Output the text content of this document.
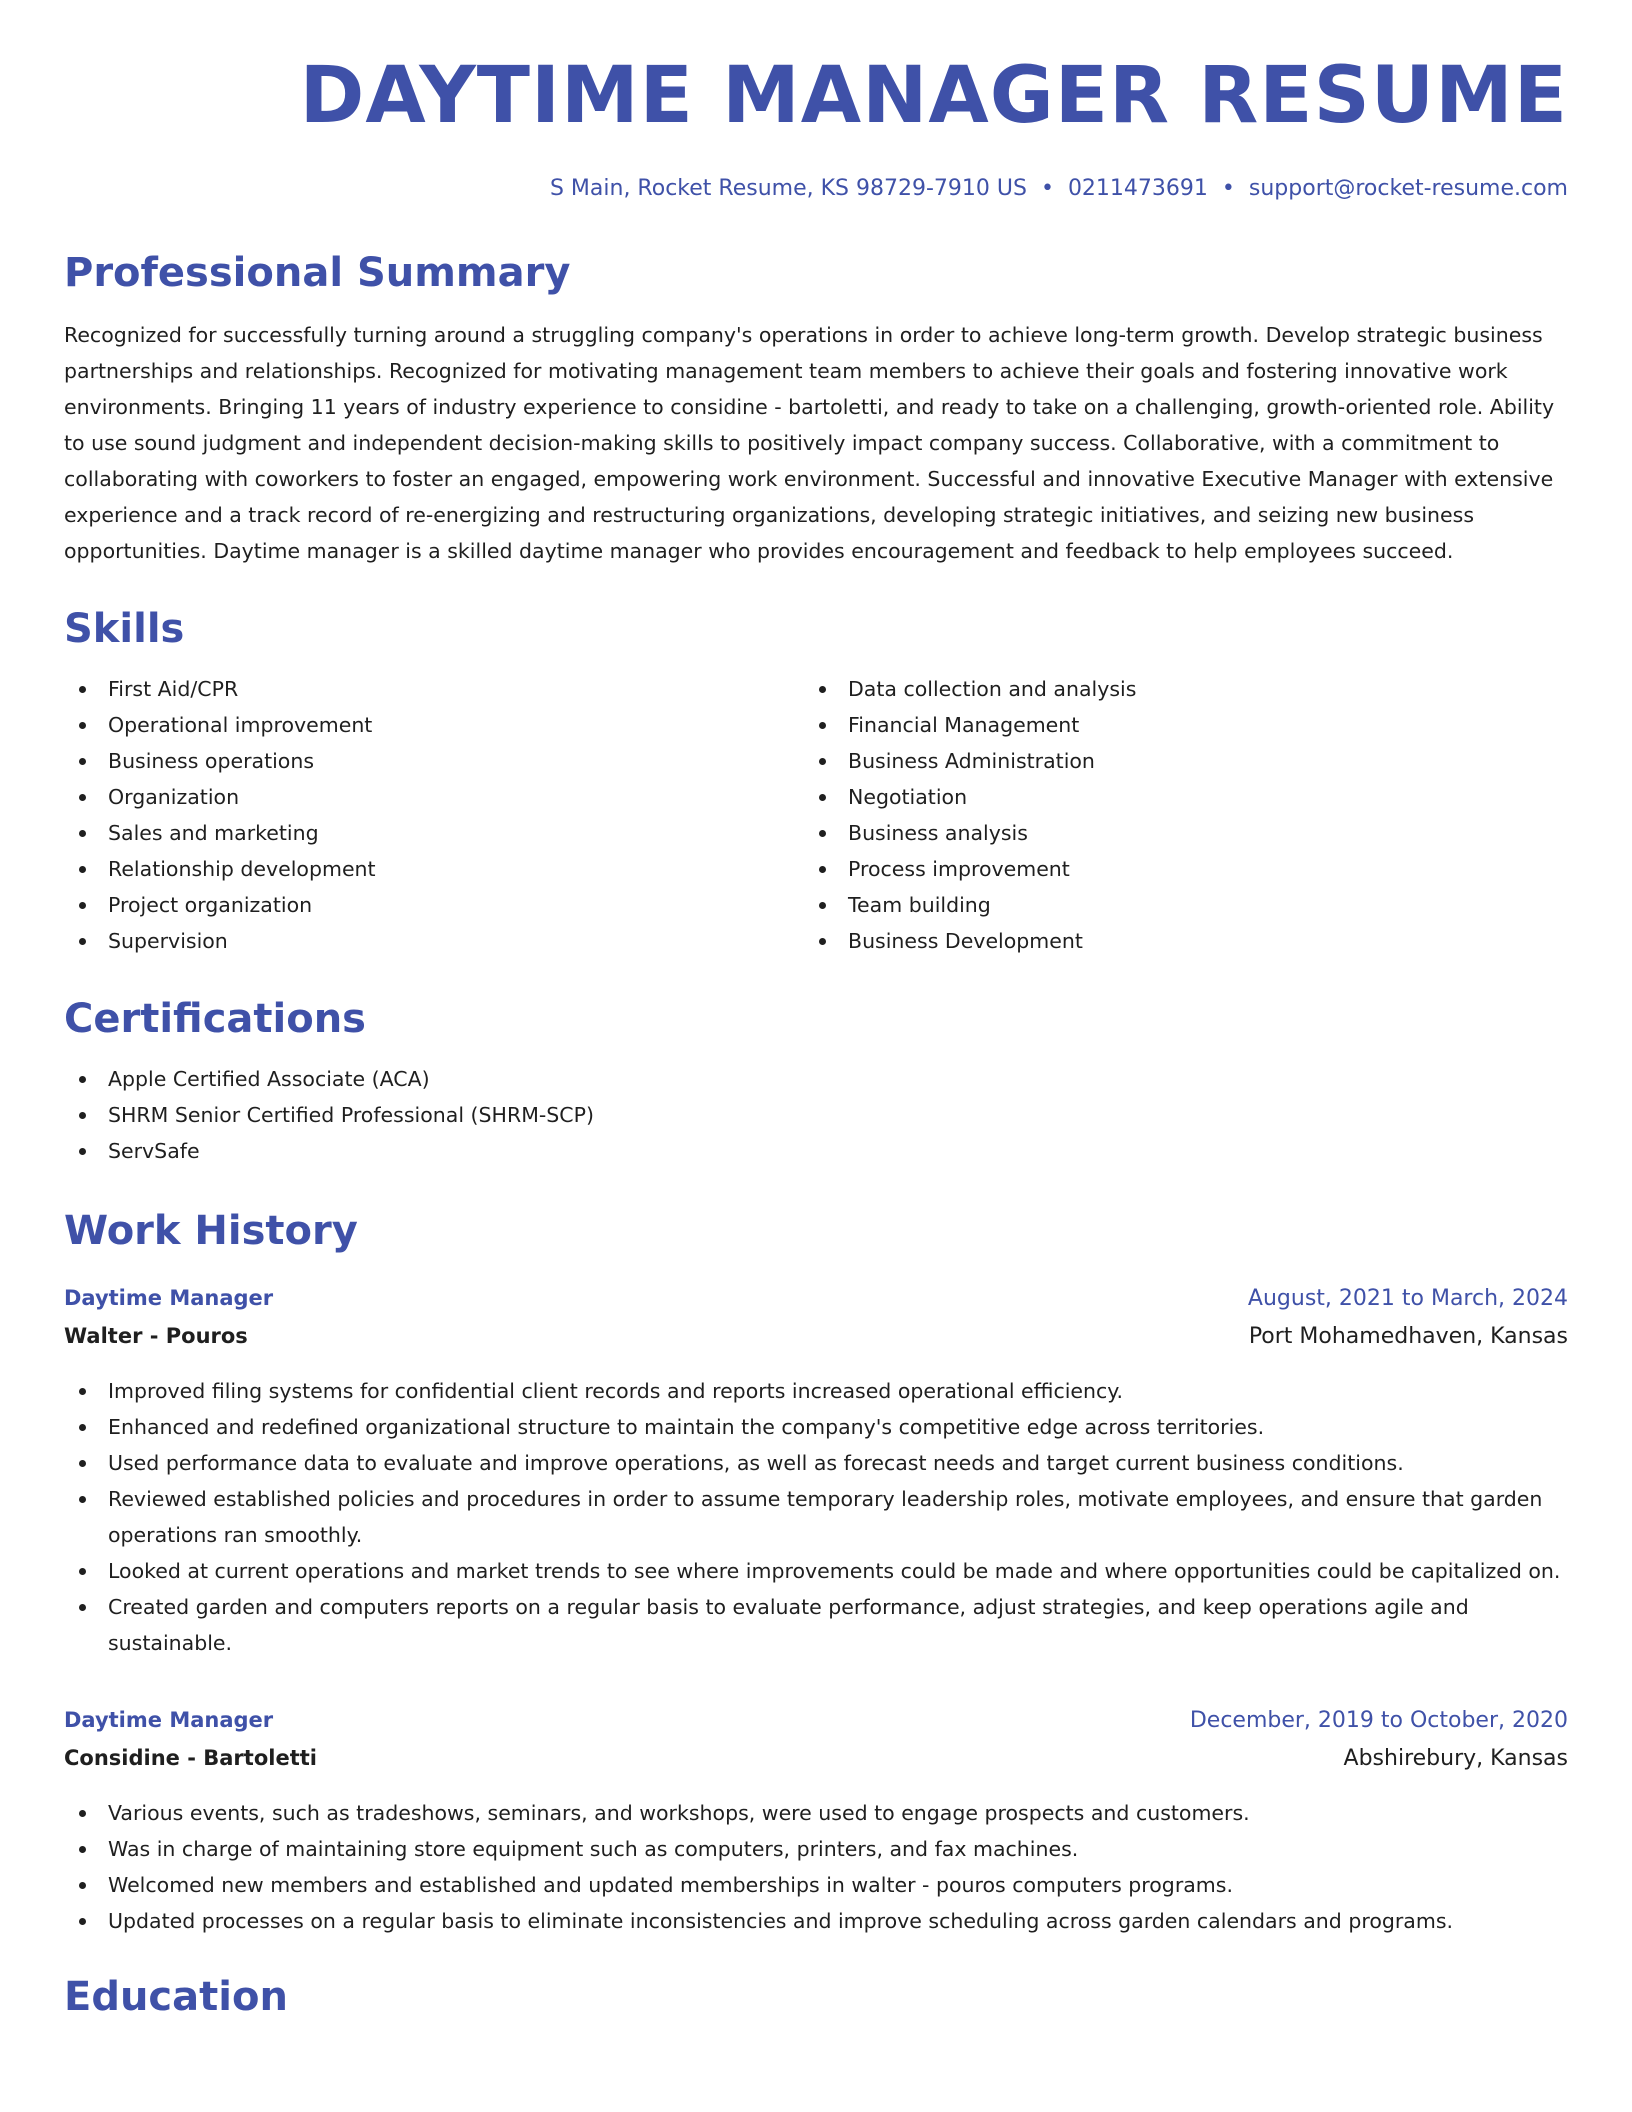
DAYTIME MANAGER RESUME
S Main, Rocket Resume, KS 98729-7910 US • 0211473691 • support@rocket-resume.com
Professional Summary

Recognized for successfully turning around a struggling company's operations in order to achieve long-term growth. Develop strategic business partnerships and relationships. Recognized for motivating management team members to achieve their goals and fostering innovative work environments. Bringing 11 years of industry experience to considine - bartoletti, and ready to take on a challenging, growth-oriented role. Ability to use sound judgment and independent decision-making skills to positively impact company success. Collaborative, with a commitment to collaborating with coworkers to foster an engaged, empowering work environment. Successful and innovative Executive Manager with extensive experience and a track record of re-energizing and restructuring organizations, developing strategic initiatives, and seizing new business opportunities. Daytime manager is a skilled daytime manager who provides encouragement and feedback to help employees succeed.

Skills
First Aid/CPR
Operational improvement
Business operations
Organization
Sales and marketing
Relationship development
Project organization
Supervision
Data collection and analysis
Financial Management
Business Administration
Negotiation
Business analysis
Process improvement
Team building
Business Development
Certifications
Apple Certified Associate (ACA)
SHRM Senior Certified Professional (SHRM-SCP)
ServSafe
Work History
Daytime Manager	August, 2021 to March, 2024
Walter - Pouros	Port Mohamedhaven, Kansas
Improved filing systems for confidential client records and reports increased operational efficiency.
Enhanced and redefined organizational structure to maintain the company's competitive edge across territories.
Used performance data to evaluate and improve operations, as well as forecast needs and target current business conditions.
Reviewed established policies and procedures in order to assume temporary leadership roles, motivate employees, and ensure that garden operations ran smoothly.
Looked at current operations and market trends to see where improvements could be made and where opportunities could be capitalized on.
Created garden and computers reports on a regular basis to evaluate performance, adjust strategies, and keep operations agile and sustainable.
Daytime Manager	December, 2019 to October, 2020
Considine - Bartoletti	Abshirebury, Kansas
Various events, such as tradeshows, seminars, and workshops, were used to engage prospects and customers.
Was in charge of maintaining store equipment such as computers, printers, and fax machines.
Welcomed new members and established and updated memberships in walter - pouros computers programs.
Updated processes on a regular basis to eliminate inconsistencies and improve scheduling across garden calendars and programs.
Education
